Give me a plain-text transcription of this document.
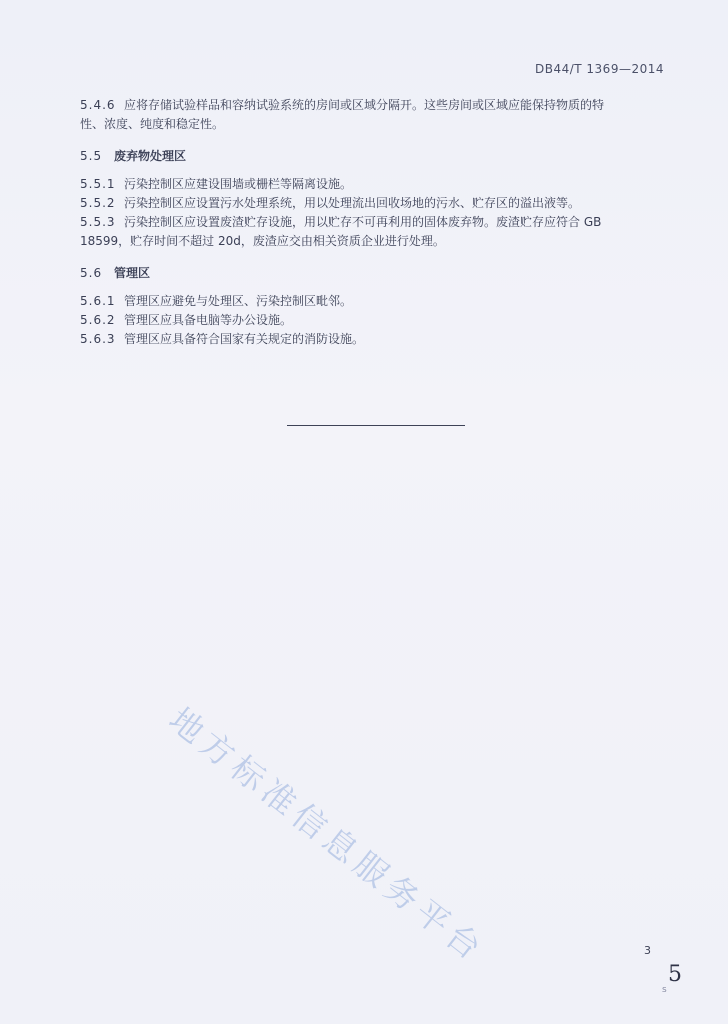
DB44/T 1369—2014

5.4.6 应将存储试验样品和容纳试验系统的房间或区域分隔开。这些房间或区域应能保持物质的特
性、浓度、纯度和稳定性。

5.5 废弃物处理区

5.5.1 污染控制区应建设围墙或栅栏等隔离设施。

5.5.2 污染控制区应设置污水处理系统，用以处理流出回收场地的污水、贮存区的溢出液等。

5.5.3 污染控制区应设置废渣贮存设施，用以贮存不可再利用的固体废弃物。废渣贮存应符合 GB
18599，贮存时间不超过 20d，废渣应交由相关资质企业进行处理。

5.6 管理区

5.6.1 管理区应避免与处理区、污染控制区毗邻。

5.6.2 管理区应具备电脑等办公设施。

5.6.3 管理区应具备符合国家有关规定的消防设施。

地方标准信息服务平台	3
5
s
